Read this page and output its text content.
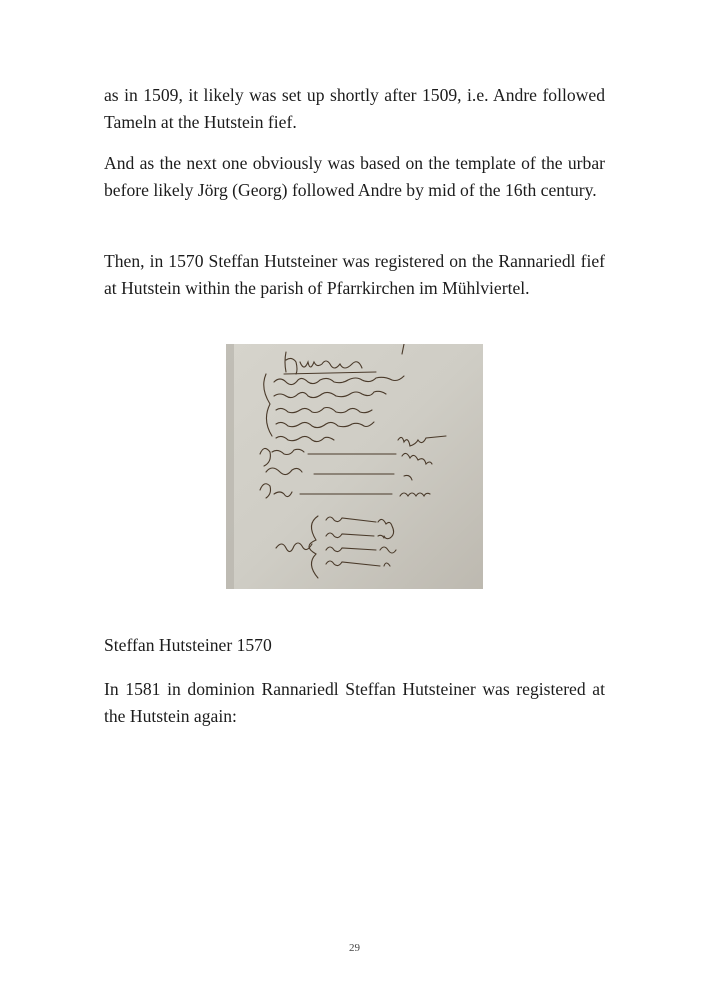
as in 1509, it likely was set up shortly after 1509, i.e. Andre followed Tameln at the Hutstein fief.

And as the next one obviously was based on the template of the urbar before likely Jörg (Georg) followed Andre by mid of the 16th century.

Then, in 1570 Steffan Hutsteiner was registered on the Rannariedl fief at Hutstein within the parish of Pfarrkirchen im Mühlviertel.

Steffan Hutsteiner 1570

In 1581 in dominion Rannariedl Steffan Hutsteiner was registered at the Hutstein again:

29
